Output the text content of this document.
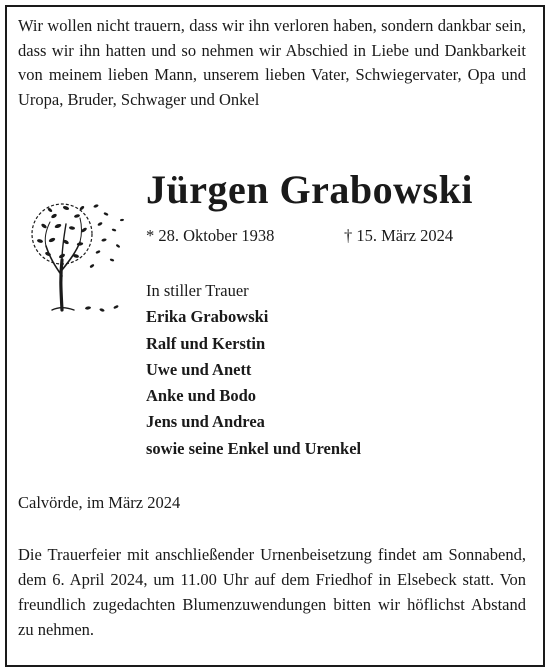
Wir wollen nicht trauern, dass wir ihn verloren haben, sondern dankbar sein, dass wir ihn hatten und so nehmen wir Abschied in Liebe und Dankbarkeit von meinem lieben Mann, unserem lieben Vater, Schwiegervater, Opa und Uropa, Bruder, Schwager und Onkel

Jürgen Grabowski
* 28. Oktober 1938	† 15. März 2024
In stiller Trauer
Erika Grabowski
Ralf und Kerstin
Uwe und Anett
Anke und Bodo
Jens und Andrea
sowie seine Enkel und Urenkel
Calvörde, im März 2024

Die Trauerfeier mit anschließender Urnenbeisetzung findet am Sonnabend, dem 6. April 2024, um 11.00 Uhr auf dem Friedhof in Elsebeck statt. Von freundlich zugedachten Blumenzuwendungen bitten wir höflichst Abstand zu nehmen.
